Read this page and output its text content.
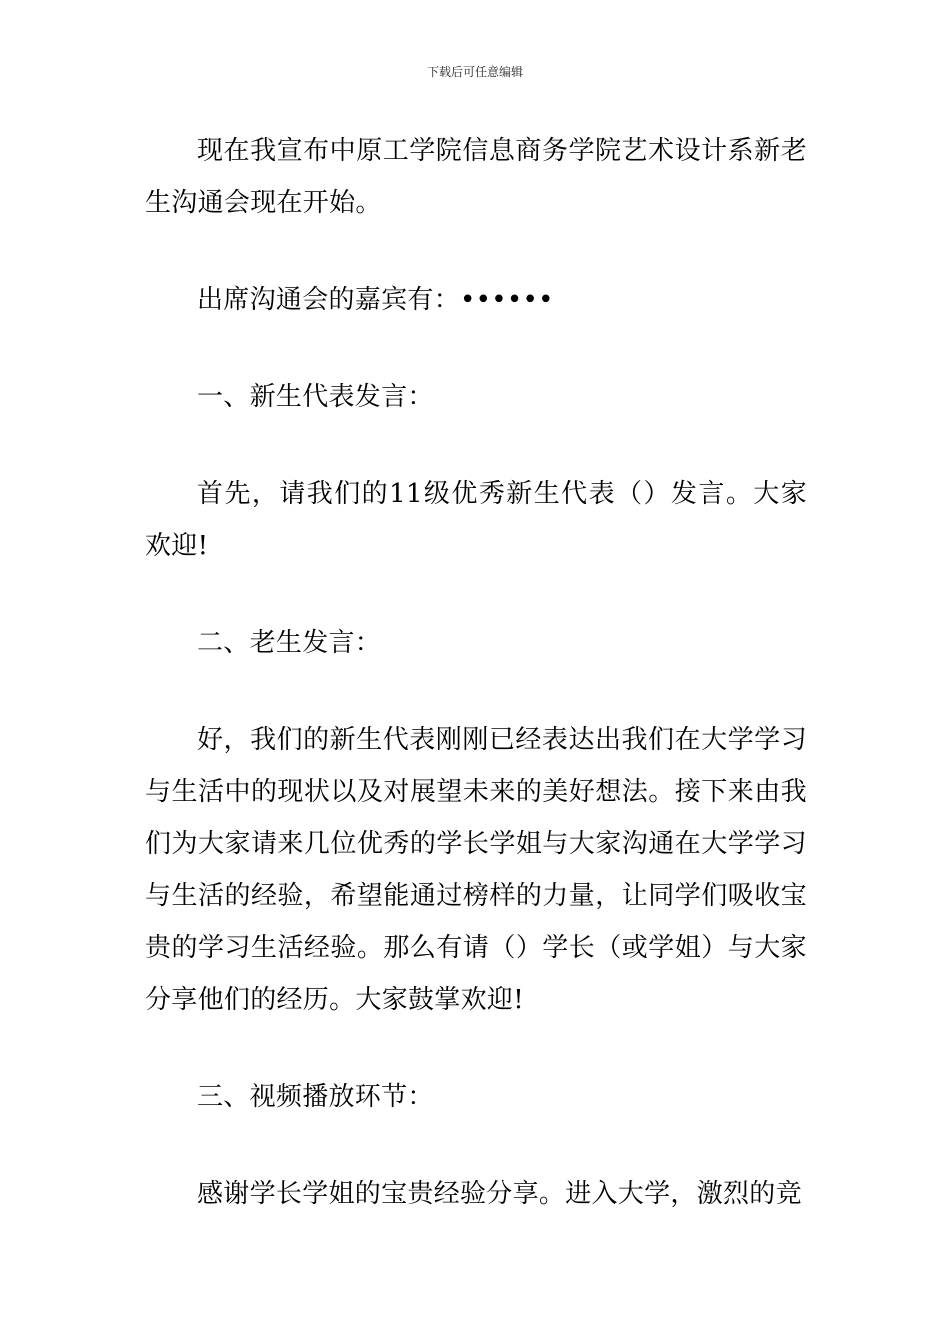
下载后可任意编辑

现在我宣布中原工学院信息商务学院艺术设计系新老生沟通会现在开始。

出席沟通会的嘉宾有：••••••

一、新生代表发言：

首先，请我们的11级优秀新生代表（）发言。大家欢迎!

二、老生发言：

好，我们的新生代表刚刚已经表达出我们在大学学习与生活中的现状以及对展望未来的美好想法。接下来由我们为大家请来几位优秀的学长学姐与大家沟通在大学学习与生活的经验，希望能通过榜样的力量，让同学们吸收宝贵的学习生活经验。那么有请（）学长（或学姐）与大家分享他们的经历。大家鼓掌欢迎!

三、视频播放环节：

感谢学长学姐的宝贵经验分享。进入大学，激烈的竞
